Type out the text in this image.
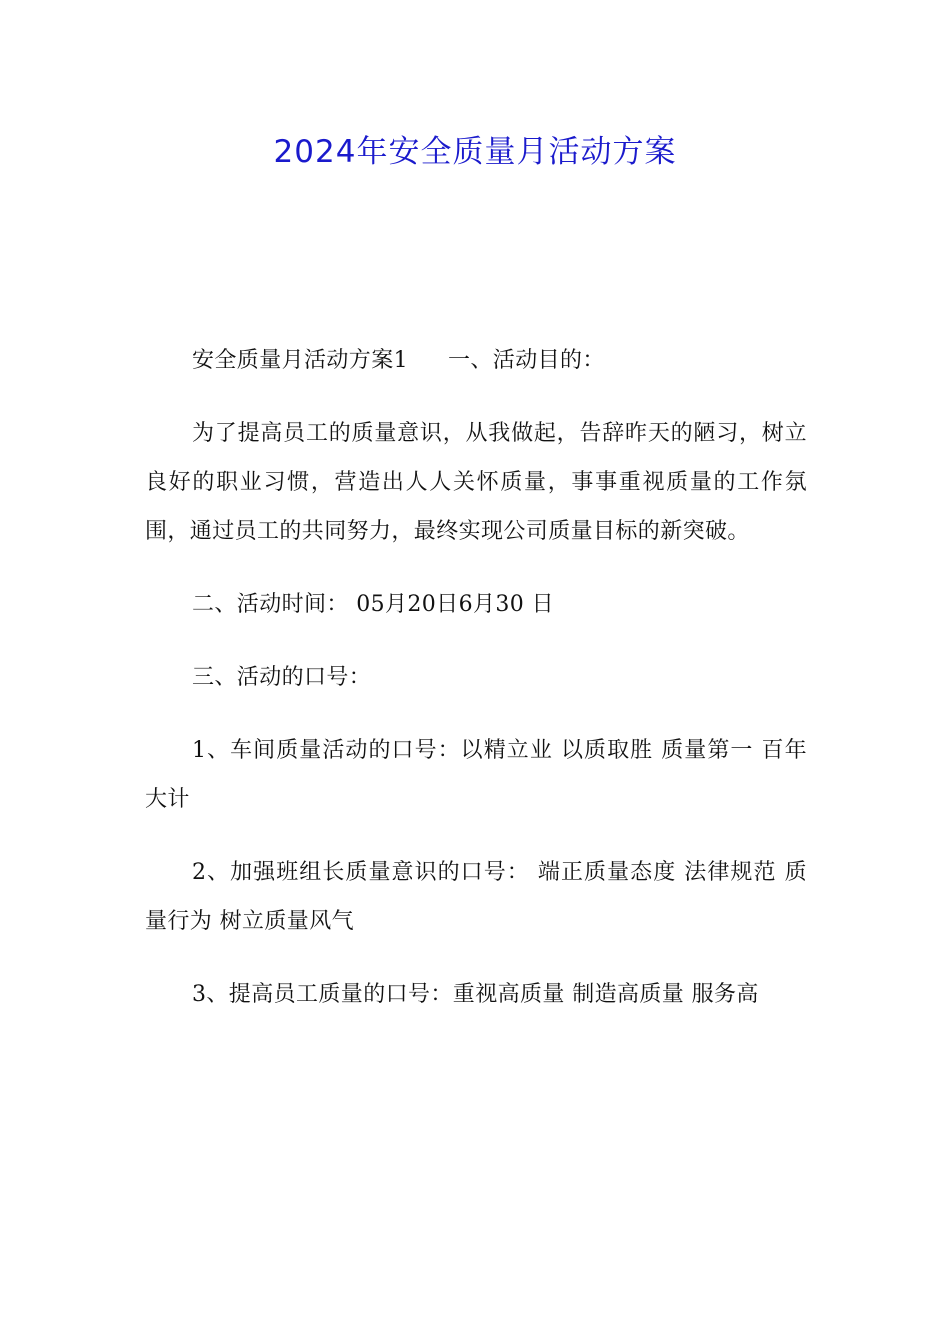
2024年安全质量月活动方案

安全质量月活动方案1 一、活动目的：

为了提高员工的质量意识，从我做起，告辞昨天的陋习，树立良好的职业习惯，营造出人人关怀质量，事事重视质量的工作氛围，通过员工的共同努力，最终实现公司质量目标的新突破。

二、活动时间： 05月20日6月30 日

三、活动的口号：

1、车间质量活动的口号：以精立业 以质取胜 质量第一 百年大计

2、加强班组长质量意识的口号： 端正质量态度 法律规范 质量行为 树立质量风气

3、提高员工质量的口号：重视高质量 制造高质量 服务高
